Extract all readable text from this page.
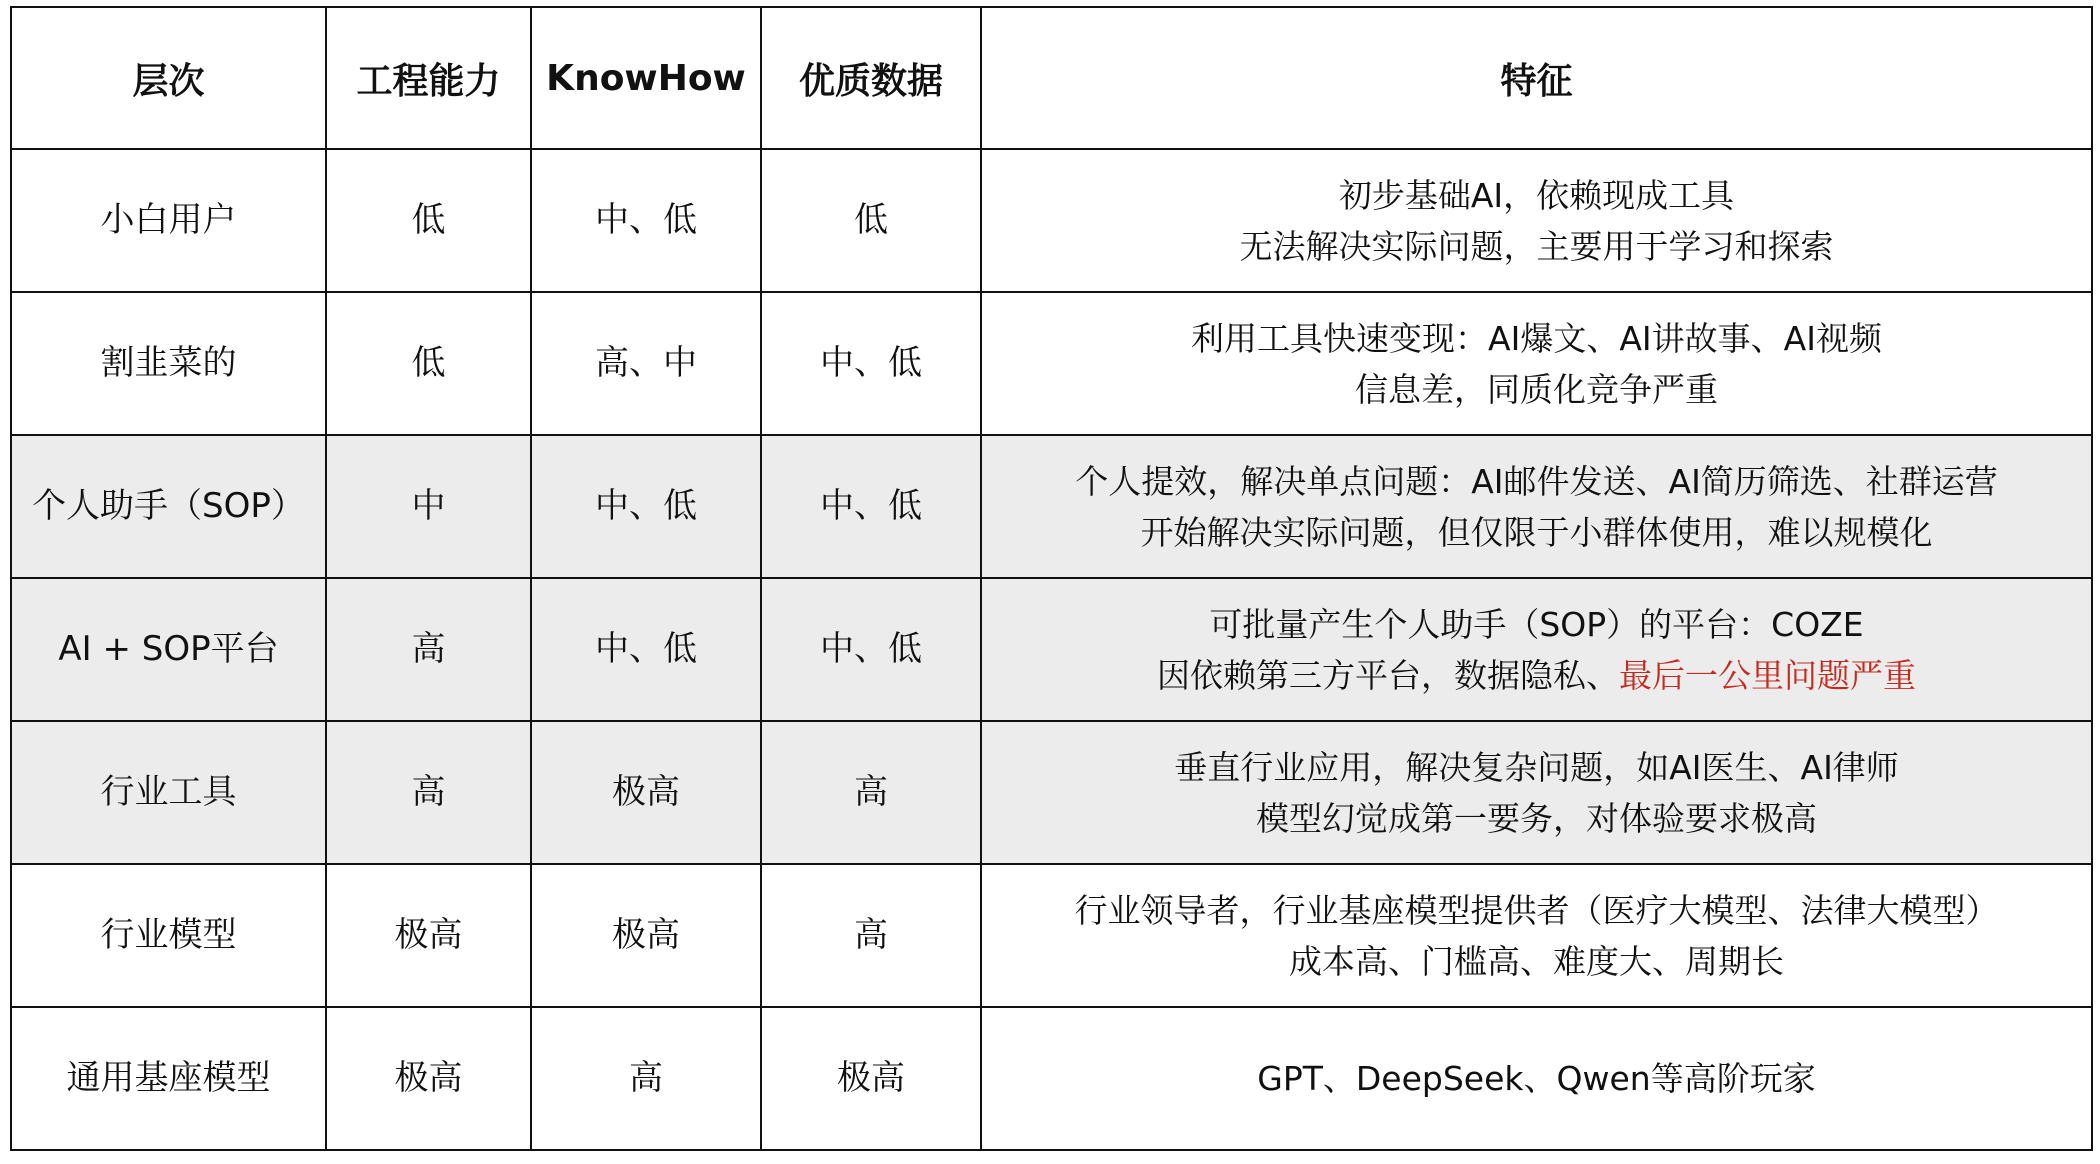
层次	工程能力	KnowHow	优质数据	特征
小白用户	低	中、低	低	初步基础AI，依赖现成工具
无法解决实际问题，主要用于学习和探索

割韭菜的	低	高、中	中、低	利用工具快速变现：AI爆文、AI讲故事、AI视频
信息差，同质化竞争严重

个人助手（SOP）	中	中、低	中、低	个人提效，解决单点问题：AI邮件发送、AI简历筛选、社群运营
开始解决实际问题，但仅限于小群体使用，难以规模化

AI + SOP平台	高	中、低	中、低	可批量产生个人助手（SOP）的平台：COZE
因依赖第三方平台，数据隐私、最后一公里问题严重

行业工具	高	极高	高	垂直行业应用，解决复杂问题，如AI医生、AI律师
模型幻觉成第一要务，对体验要求极高

行业模型	极高	极高	高	行业领导者，行业基座模型提供者（医疗大模型、法律大模型）
成本高、门槛高、难度大、周期长

通用基座模型	极高	高	极高	GPT、DeepSeek、Qwen等高阶玩家
